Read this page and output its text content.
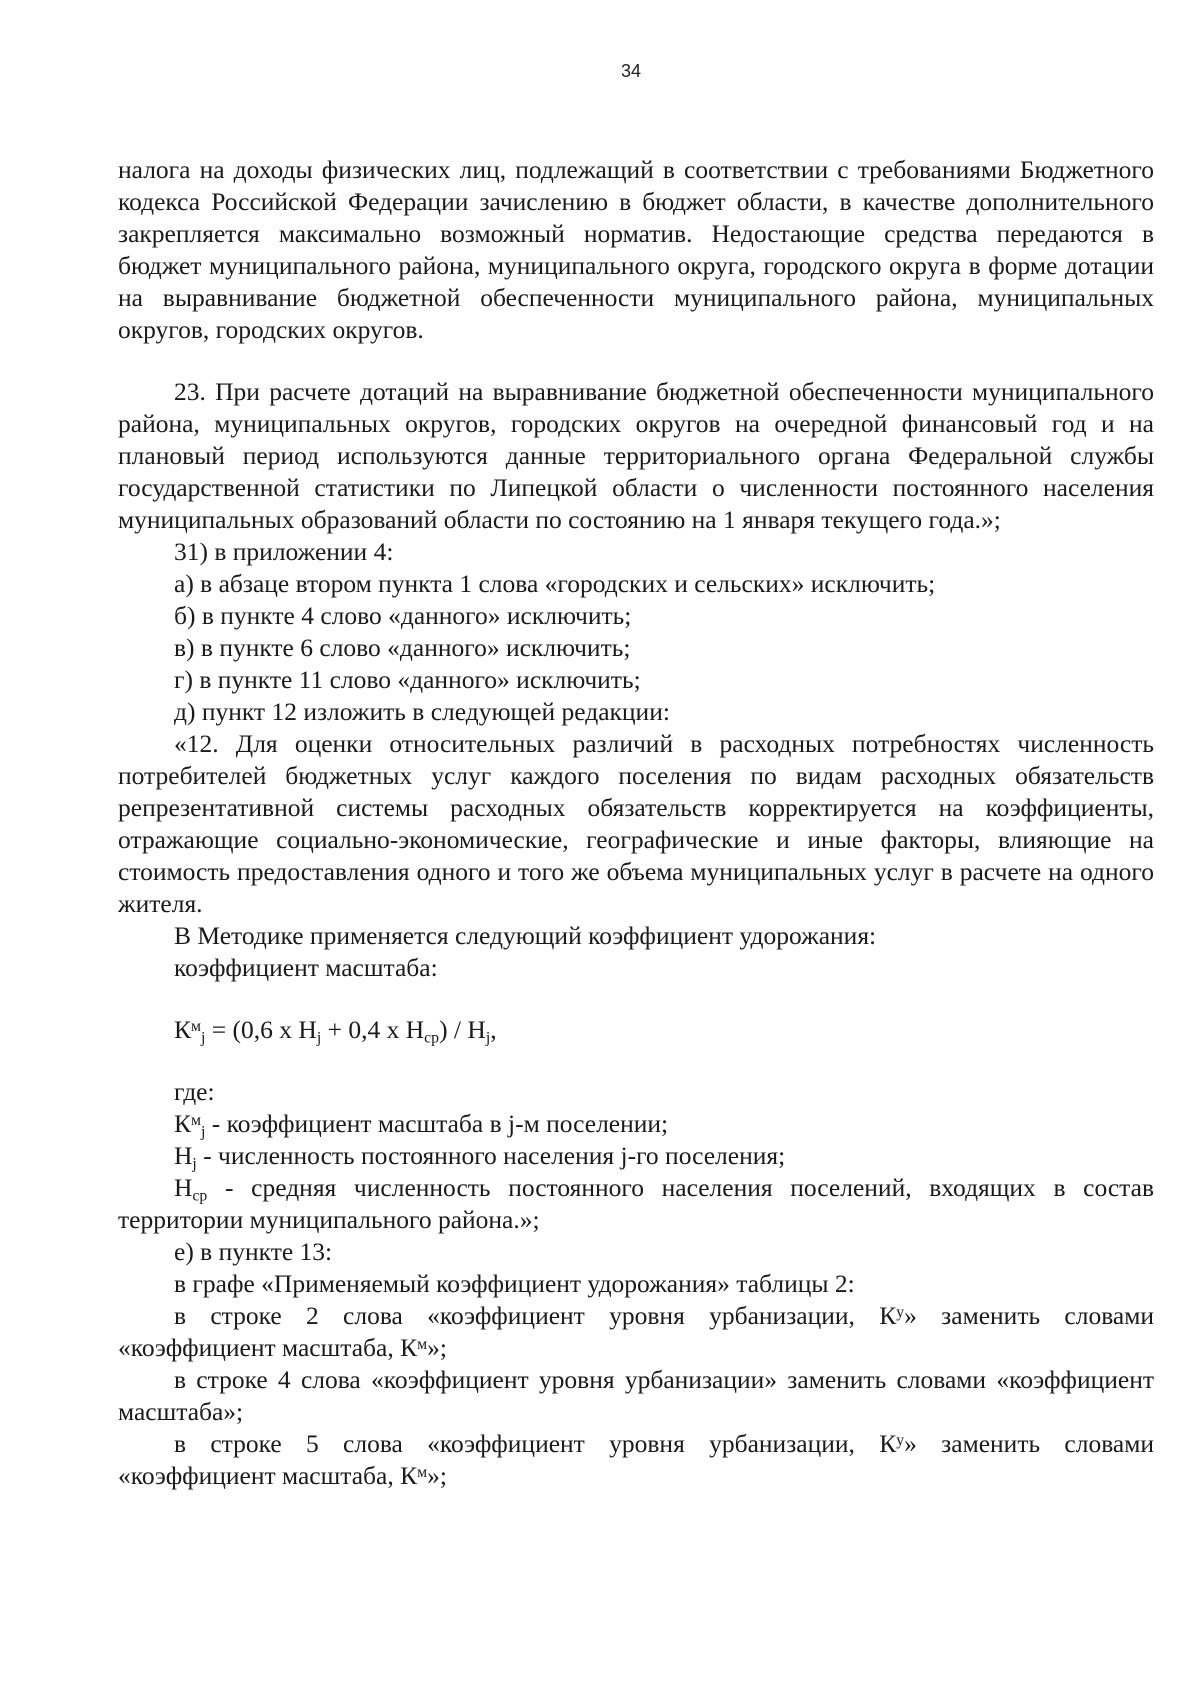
34

налога на доходы физических лиц, подлежащий в соответствии с требованиями Бюджетного кодекса Российской Федерации зачислению в бюджет области, в качестве дополнительного закрепляется максимально возможный норматив. Недостающие средства передаются в бюджет муниципального района, муниципального округа, городского округа в форме дотации на выравнивание бюджетной обеспеченности муниципального района, муниципальных округов, городских округов.

23. При расчете дотаций на выравнивание бюджетной обеспеченности муниципального района, муниципальных округов, городских округов на очередной финансовый год и на плановый период используются данные территориального органа Федеральной службы государственной статистики по Липецкой области о численности постоянного населения муниципальных образований области по состоянию на 1 января текущего года.»;

31) в приложении 4:

а) в абзаце втором пункта 1 слова «городских и сельских» исключить;

б) в пункте 4 слово «данного» исключить;

в) в пункте 6 слово «данного» исключить;

г) в пункте 11 слово «данного» исключить;

д) пункт 12 изложить в следующей редакции:

«12. Для оценки относительных различий в расходных потребностях численность потребителей бюджетных услуг каждого поселения по видам расходных обязательств репрезентативной системы расходных обязательств корректируется на коэффициенты, отражающие социально-экономические, географические и иные факторы, влияющие на стоимость предоставления одного и того же объема муниципальных услуг в расчете на одного жителя.

В Методике применяется следующий коэффициент удорожания:

коэффициент масштаба:

$К^м_j = (0,6$ х $Н_j + 0,4$ х $Н_{ср}) / Н_j$,

где:

$К^м_j$ - коэффициент масштаба в j-м поселении;

$Н_j$ - численность постоянного населения j-го поселения;

$Н_{ср}$ - средняя численность постоянного населения поселений, входящих в состав территории муниципального района.»;

е) в пункте 13:

в графе «Применяемый коэффициент удорожания» таблицы 2:

в строке 2 слова «коэффициент уровня урбанизации, $К^у$» заменить словами «коэффициент масштаба, $К^м$»;

в строке 4 слова «коэффициент уровня урбанизации» заменить словами «коэффициент масштаба»;

в строке 5 слова «коэффициент уровня урбанизации, $К^у$» заменить словами «коэффициент масштаба, $К^м$»;
